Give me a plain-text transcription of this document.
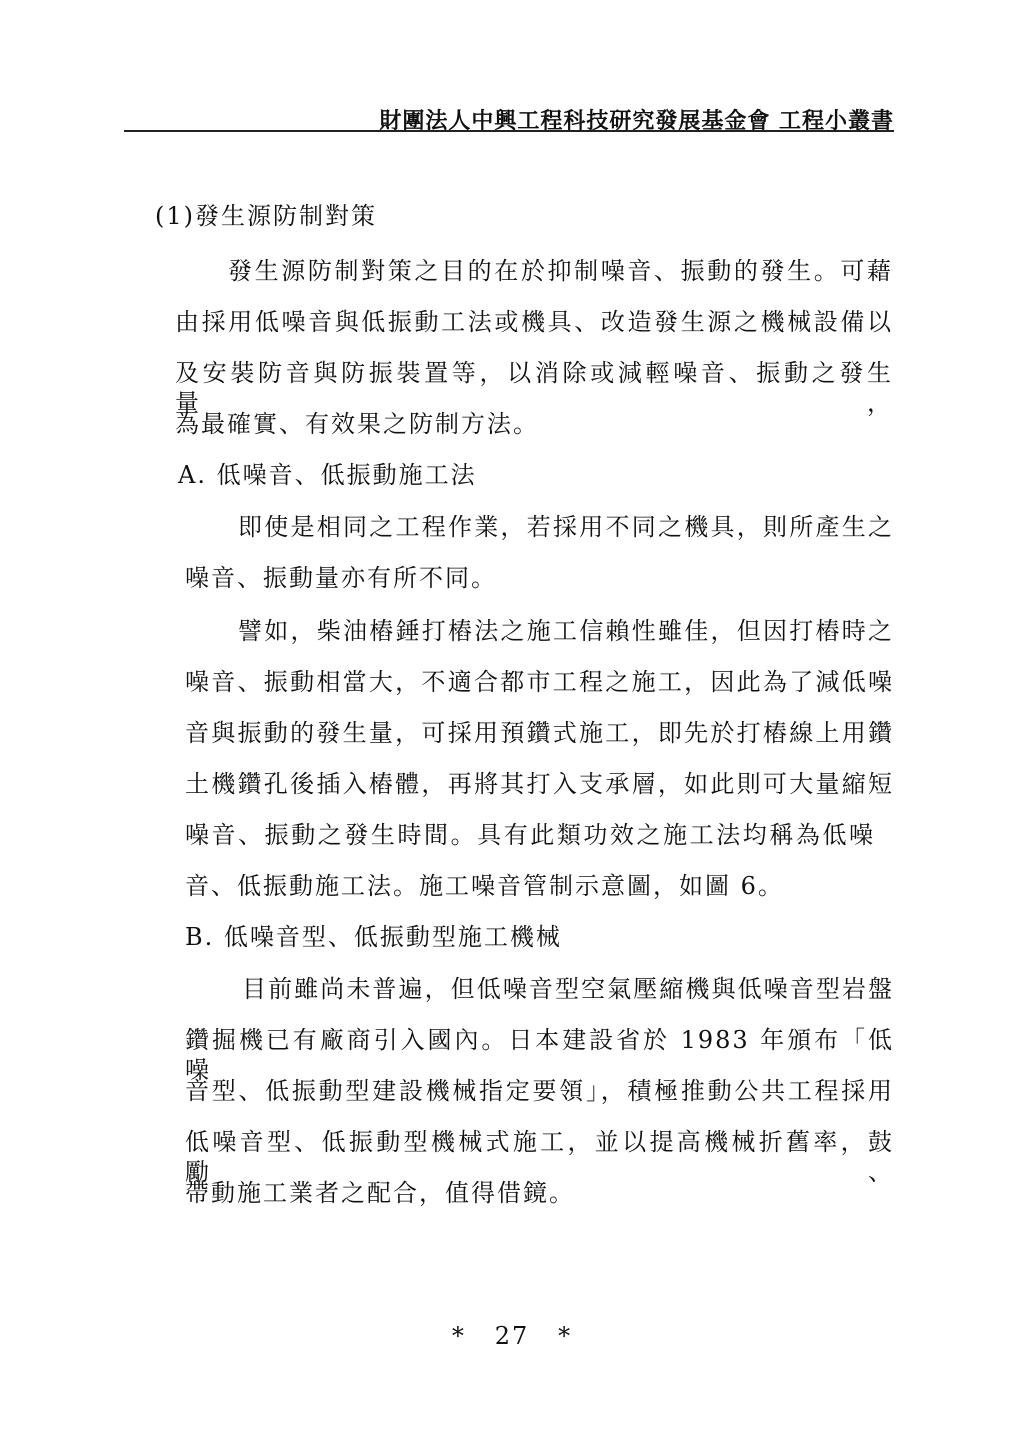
財團法人中興工程科技研究發展基金會 工程小叢書
(1)發生源防制對策
發生源防制對策之目的在於抑制噪音、振動的發生。可藉
由採用低噪音與低振動工法或機具、改造發生源之機械設備以
及安裝防音與防振裝置等，以消除或減輕噪音、振動之發生量，
為最確實、有效果之防制方法。
A. 低噪音、低振動施工法
即使是相同之工程作業，若採用不同之機具，則所產生之
噪音、振動量亦有所不同。
譬如，柴油樁錘打樁法之施工信賴性雖佳，但因打樁時之
噪音、振動相當大，不適合都市工程之施工，因此為了減低噪
音與振動的發生量，可採用預鑽式施工，即先於打樁線上用鑽
土機鑽孔後插入樁體，再將其打入支承層，如此則可大量縮短
噪音、振動之發生時間。具有此類功效之施工法均稱為低噪
音、低振動施工法。施工噪音管制示意圖，如圖 6。
B. 低噪音型、低振動型施工機械
目前雖尚未普遍，但低噪音型空氣壓縮機與低噪音型岩盤
鑽掘機已有廠商引入國內。日本建設省於 1983 年頒布「低噪
音型、低振動型建設機械指定要領」，積極推動公共工程採用
低噪音型、低振動型機械式施工，並以提高機械折舊率，鼓勵、
帶動施工業者之配合，值得借鏡。
*   27   *
